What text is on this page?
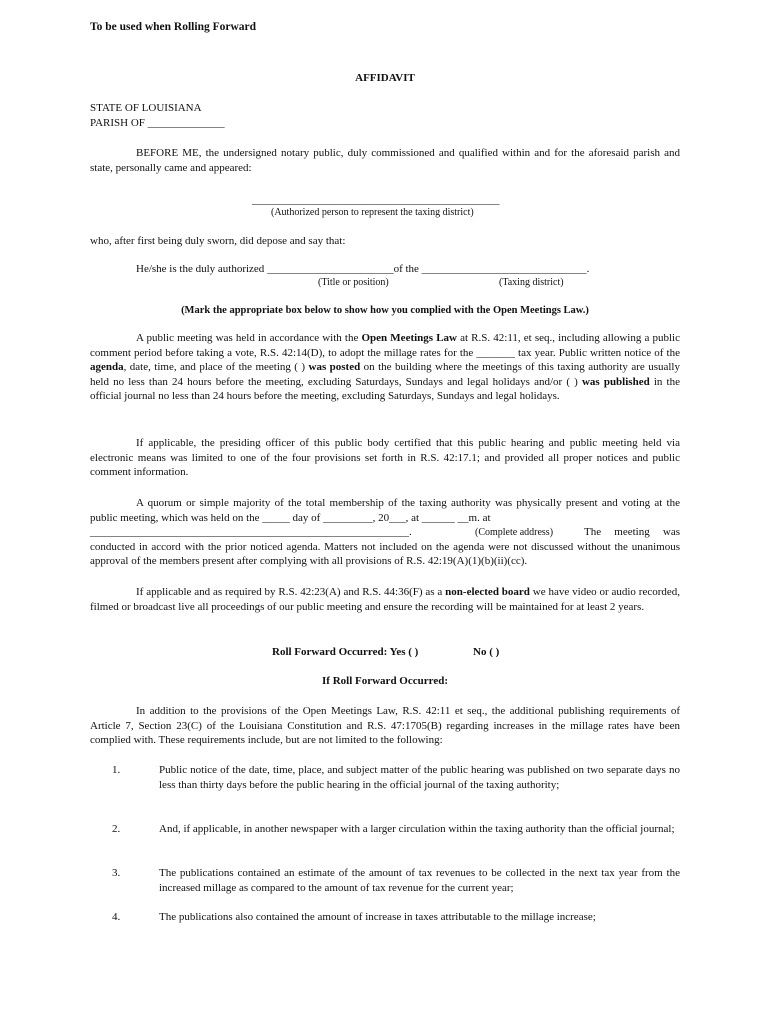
To be used when Rolling Forward
AFFIDAVIT
STATE OF LOUISIANA
PARISH OF ______________
BEFORE ME, the undersigned notary public, duly commissioned and qualified within and for the aforesaid parish and state, personally came and appeared:
_____________________________________________
(Authorized person to represent the taxing district)
who, after first being duly sworn, did depose and say that:
He/she is the duly authorized _______________________of the ______________________________.
(Title or position)	(Taxing district)
(Mark the appropriate box below to show how you complied with the Open Meetings Law.)
A public meeting was held in accordance with the Open Meetings Law at R.S. 42:11, et seq., including allowing a public comment period before taking a vote, R.S. 42:14(D), to adopt the millage rates for the _______ tax year. Public written notice of the agenda, date, time, and place of the meeting ( ) was posted on the building where the meetings of this taxing authority are usually held no less than 24 hours before the meeting, excluding Saturdays, Sundays and legal holidays and/or ( ) was published in the official journal no less than 24 hours before the meeting, excluding Saturdays, Sundays and legal holidays.
If applicable, the presiding officer of this public body certified that this public hearing and public meeting held via electronic means was limited to one of the four provisions set forth in R.S. 42:17.1; and provided all proper notices and public comment information.
A quorum or simple majority of the total membership of the taxing authority was physically present and voting at the public meeting, which was held on the _____ day of _________, 20___, at ______ __m. at
__________________________________________________________.	(Complete address)	The meeting was conducted in accord with the prior noticed agenda. Matters not included on the agenda were not discussed without the unanimous approval of the members present after complying with all provisions of R.S. 42:19(A)(1)(b)(ii)(cc).
If applicable and as required by R.S. 42:23(A) and R.S. 44:36(F) as a non-elected board we have video or audio recorded, filmed or broadcast live all proceedings of our public meeting and ensure the recording will be maintained for at least 2 years.
Roll Forward Occurred: Yes ( )	No ( )
If Roll Forward Occurred:
In addition to the provisions of the Open Meetings Law, R.S. 42:11 et seq., the additional publishing requirements of Article 7, Section 23(C) of the Louisiana Constitution and R.S. 47:1705(B) regarding increases in the millage rates have been complied with. These requirements include, but are not limited to the following:
1.	Public notice of the date, time, place, and subject matter of the public hearing was published on two separate days no less than thirty days before the public hearing in the official journal of the taxing authority;
2.	And, if applicable, in another newspaper with a larger circulation within the taxing authority than the official journal;
3.	The publications contained an estimate of the amount of tax revenues to be collected in the next tax year from the increased millage as compared to the amount of tax revenue for the current year;
4.	The publications also contained the amount of increase in taxes attributable to the millage increase;
